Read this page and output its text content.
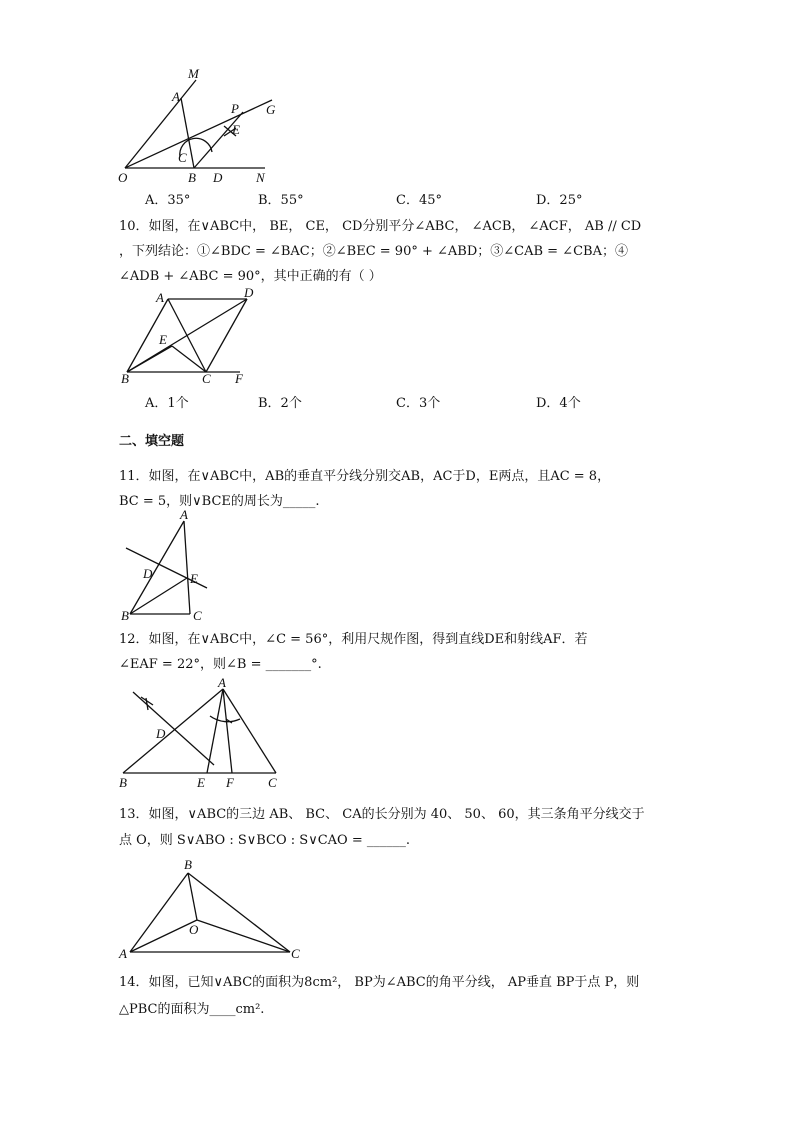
M
A
P G
E
C
O	B D	N
A．35°	B．55°	C．45°	D．25°
10．如图，在∨ABC中， BE， CE， CD分别平分∠ABC， ∠ACB， ∠ACF， AB // CD
，下列结论：①∠BDC = ∠BAC；②∠BEC = 90° + ∠ABD；③∠CAB = ∠CBA；④
∠ADB + ∠ABC = 90°，其中正确的有（ ）
A	D
E
B	C F
A．1个	B．2个	C．3个	D．4个
二、填空题
11．如图，在∨ABC中，AB的垂直平分线分别交AB，AC于D，E两点，且AC = 8，
BC = 5，则∨BCE的周长为_____.
A
D	E
B	C
12．如图，在∨ABC中，∠C = 56°，利用尺规作图，得到直线DE和射线AF．若
∠EAF = 22°，则∠B = _______°.
A
D
B	E F	C
13．如图，∨ABC的三边 AB、 BC、 CA的长分别为 40、 50、 60，其三条角平分线交于
点 O，则 S∨ABO : S∨BCO : S∨CAO = ______.
B
O
A	C
14．如图，已知∨ABC的面积为8cm²， BP为∠ABC的角平分线， AP垂直 BP于点 P，则
△PBC的面积为____cm².
